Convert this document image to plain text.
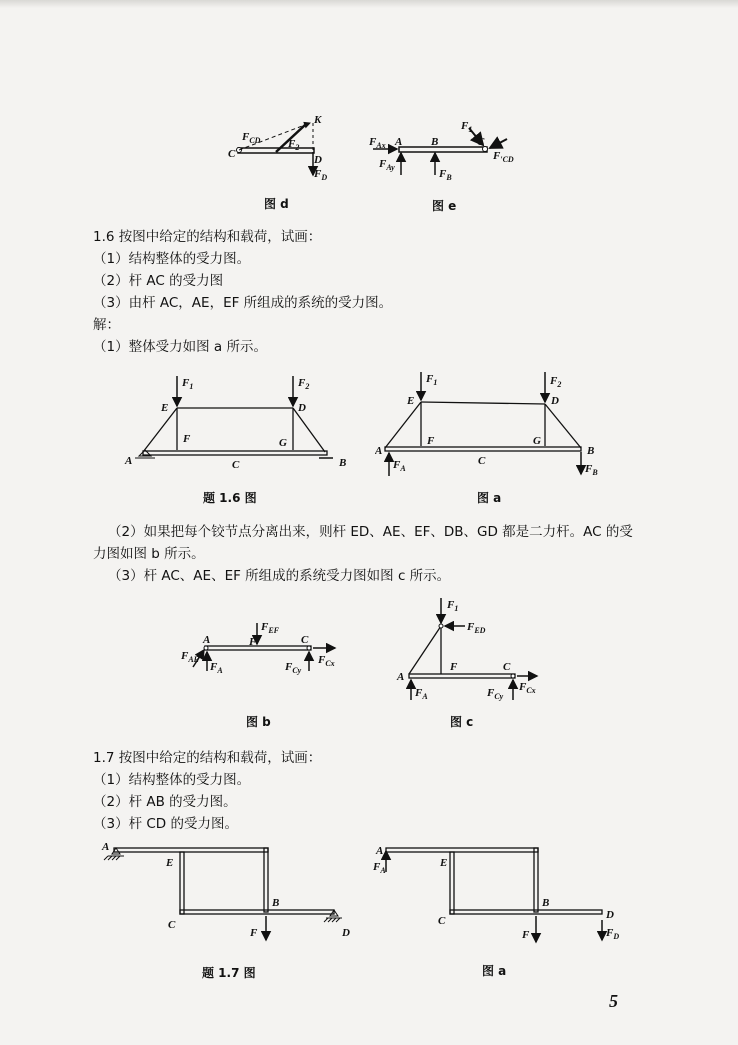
C
$F_{CD}$	$F_2$
K
D
$F_D$
图 d
$F_{Ax}$ A
$F_{Ay}$
B
$F_B$
$F_1$
C
$F_{'CD}$
图 e
1.6 按图中给定的结构和载荷，试画：
（1）结构整体的受力图。
（2）杆 AC 的受力图
（3）由杆 AC，AE，EF 所组成的系统的受力图。
解：
（1）整体受力如图 a 所示。
E	D
F	G
A	C	B
$F_1$	$F_2$
题 1.6 图
E	D
F	G
A
C
B
$F_1$	$F_2$
$F_A$	$F_B$
图 a
（2）如果把每个铰节点分离出来，则杆 ED、AE、EF、DB、GD 都是二力杆。AC 的受
力图如图 b 所示。
（3）杆 AC、AE、EF 所组成的系统受力图如图 c 所示。
A	F	C
$F_{EF}$
$F_{AE}$
$F_A$	$F_{Cy}$
$F_{Cx}$
图 b
$F_1$
$F_{ED}$
F	C
A
$F_A$	$F_{Cy}$
$F_{Cx}$
图 c
1.7 按图中给定的结构和载荷，试画：
（1）结构整体的受力图。
（2）杆 AB 的受力图。
（3）杆 CD 的受力图。
A
E
C
B
F	D
题 1.7 图
A
$F_A$
E
C
B
F
D
$F_D$
图 a
5
